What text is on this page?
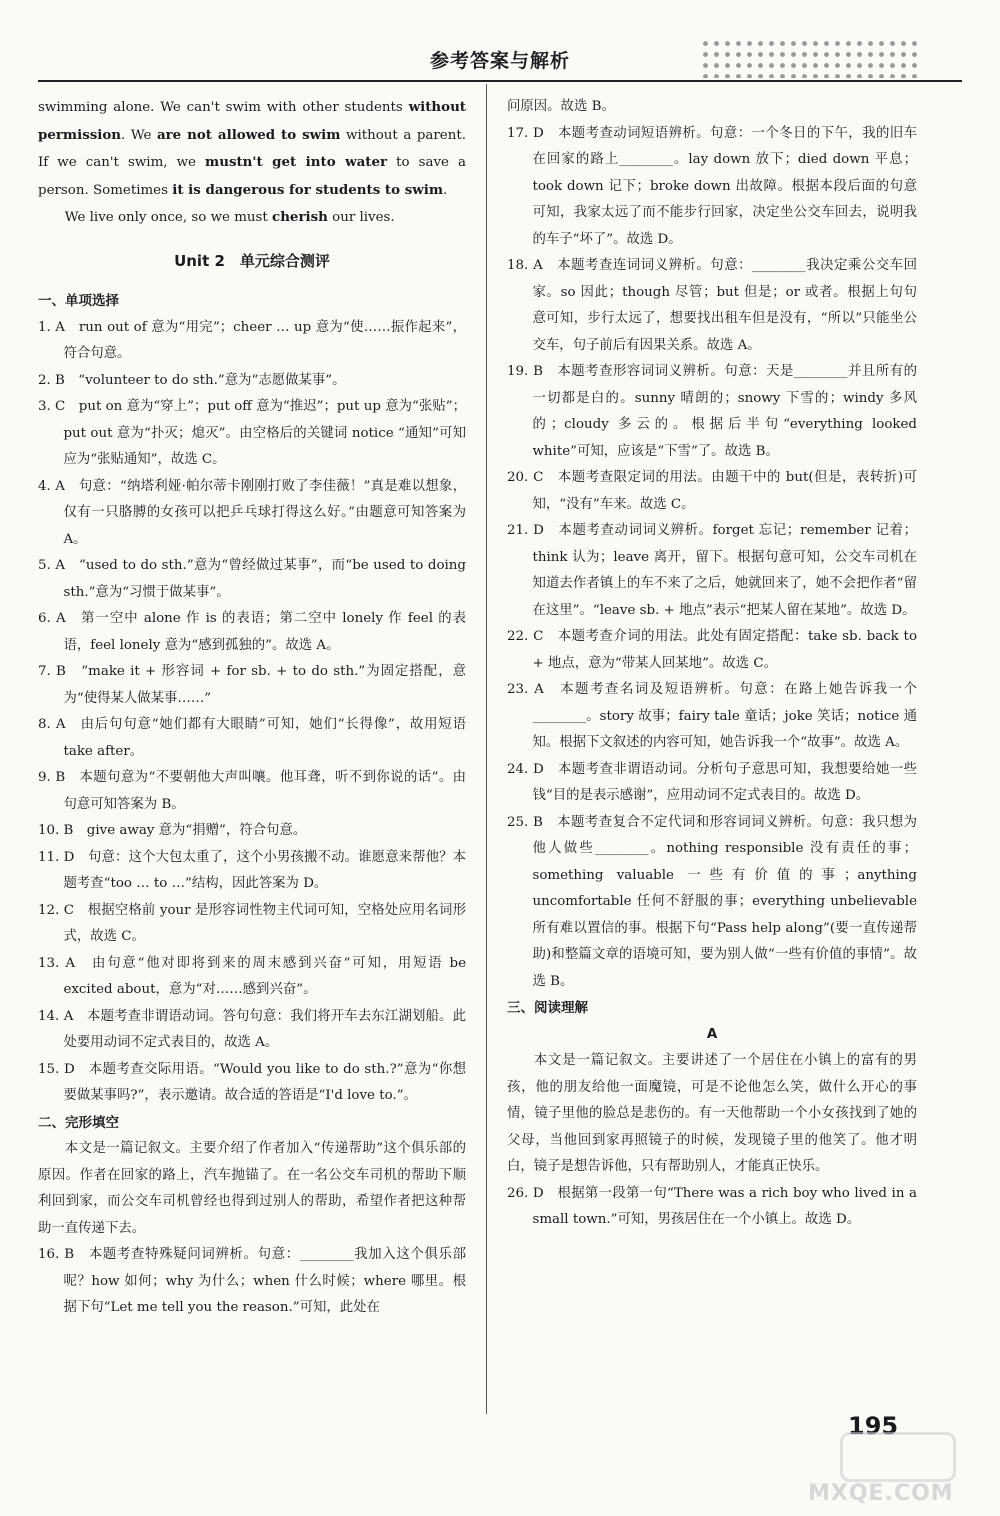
参考答案与解析

swimming alone. We can't swim with other students without permission. We are not allowed to swim without a parent. If we can't swim, we mustn't get into water to save a person. Sometimes it is dangerous for students to swim.

We live only once, so we must cherish our lives.

Unit 2　单元综合测评

一、单项选择

1. A　run out of 意为“用完”；cheer … up 意为“使……振作起来”，符合句意。

2. B　“volunteer to do sth.”意为“志愿做某事”。

3. C　put on 意为“穿上”；put off 意为“推迟”；put up 意为“张贴”；put out 意为“扑灭；熄灭”。由空格后的关键词 notice “通知”可知应为“张贴通知”，故选 C。

4. A　句意：“纳塔利娅·帕尔蒂卡刚刚打败了李佳薇！”真是难以想象，仅有一只胳膊的女孩可以把乒乓球打得这么好。”由题意可知答案为 A。

5. A　“used to do sth.”意为“曾经做过某事”，而“be used to doing sth.”意为“习惯于做某事”。

6. A　第一空中 alone 作 is 的表语；第二空中 lonely 作 feel 的表语，feel lonely 意为“感到孤独的”。故选 A。

7. B　“make it + 形容词 + for sb. + to do sth.”为固定搭配，意为“使得某人做某事……”

8. A　由后句句意“她们都有大眼睛”可知，她们“长得像”，故用短语 take after。

9. B　本题句意为“不要朝他大声叫嚷。他耳聋，听不到你说的话”。由句意可知答案为 B。

10. B　give away 意为“捐赠”，符合句意。

11. D　句意：这个大包太重了，这个小男孩搬不动。谁愿意来帮他？本题考查“too … to …”结构，因此答案为 D。

12. C　根据空格前 your 是形容词性物主代词可知，空格处应用名词形式，故选 C。

13. A　由句意“他对即将到来的周末感到兴奋”可知，用短语 be excited about，意为“对……感到兴奋”。

14. A　本题考查非谓语动词。答句句意：我们将开车去东江湖划船。此处要用动词不定式表目的，故选 A。

15. D　本题考查交际用语。“Would you like to do sth.?”意为“你想要做某事吗?”，表示邀请。故合适的答语是“I'd love to.”。

二、完形填空

本文是一篇记叙文。主要介绍了作者加入“传递帮助”这个俱乐部的原因。作者在回家的路上，汽车抛锚了。在一名公交车司机的帮助下顺利回到家，而公交车司机曾经也得到过别人的帮助，希望作者把这种帮助一直传递下去。

16. B　本题考查特殊疑问词辨析。句意：________我加入这个俱乐部呢？how 如何；why 为什么；when 什么时候；where 哪里。根据下句“Let me tell you the reason.”可知，此处在

问原因。故选 B。

17. D　本题考查动词短语辨析。句意：一个冬日的下午，我的旧车在回家的路上________。lay down 放下；died down 平息；took down 记下；broke down 出故障。根据本段后面的句意可知，我家太远了而不能步行回家，决定坐公交车回去，说明我的车子“坏了”。故选 D。

18. A　本题考查连词词义辨析。句意：________我决定乘公交车回家。so 因此；though 尽管；but 但是；or 或者。根据上句句意可知，步行太远了，想要找出租车但是没有，“所以”只能坐公交车，句子前后有因果关系。故选 A。

19. B　本题考查形容词词义辨析。句意：天是________并且所有的一切都是白的。sunny 晴朗的；snowy 下雪的；windy 多风的；cloudy 多云的。根据后半句“everything looked white”可知，应该是“下雪”了。故选 B。

20. C　本题考查限定词的用法。由题干中的 but(但是，表转折)可知，“没有”车来。故选 C。

21. D　本题考查动词词义辨析。forget 忘记；remember 记着；think 认为；leave 离开，留下。根据句意可知，公交车司机在知道去作者镇上的车不来了之后，她就回来了，她不会把作者“留在这里”。“leave sb. + 地点”表示“把某人留在某地”。故选 D。

22. C　本题考查介词的用法。此处有固定搭配：take sb. back to + 地点，意为“带某人回某地”。故选 C。

23. A　本题考查名词及短语辨析。句意：在路上她告诉我一个________。story 故事；fairy tale 童话；joke 笑话；notice 通知。根据下文叙述的内容可知，她告诉我一个“故事”。故选 A。

24. D　本题考查非谓语动词。分析句子意思可知，我想要给她一些钱“目的是表示感谢”，应用动词不定式表目的。故选 D。

25. B　本题考查复合不定代词和形容词词义辨析。句意：我只想为他人做些________。nothing responsible 没有责任的事；something valuable 一些有价值的事；anything uncomfortable 任何不舒服的事；everything unbelievable 所有难以置信的事。根据下句“Pass help along”(要一直传递帮助)和整篇文章的语境可知，要为别人做“一些有价值的事情”。故选 B。

三、阅读理解

A

本文是一篇记叙文。主要讲述了一个居住在小镇上的富有的男孩，他的朋友给他一面魔镜，可是不论他怎么笑，做什么开心的事情，镜子里他的脸总是悲伤的。有一天他帮助一个小女孩找到了她的父母，当他回到家再照镜子的时候，发现镜子里的他笑了。他才明白，镜子是想告诉他，只有帮助别人，才能真正快乐。

26. D　根据第一段第一句“There was a rich boy who lived in a small town.”可知，男孩居住在一个小镇上。故选 D。

195
MXQE.COM
